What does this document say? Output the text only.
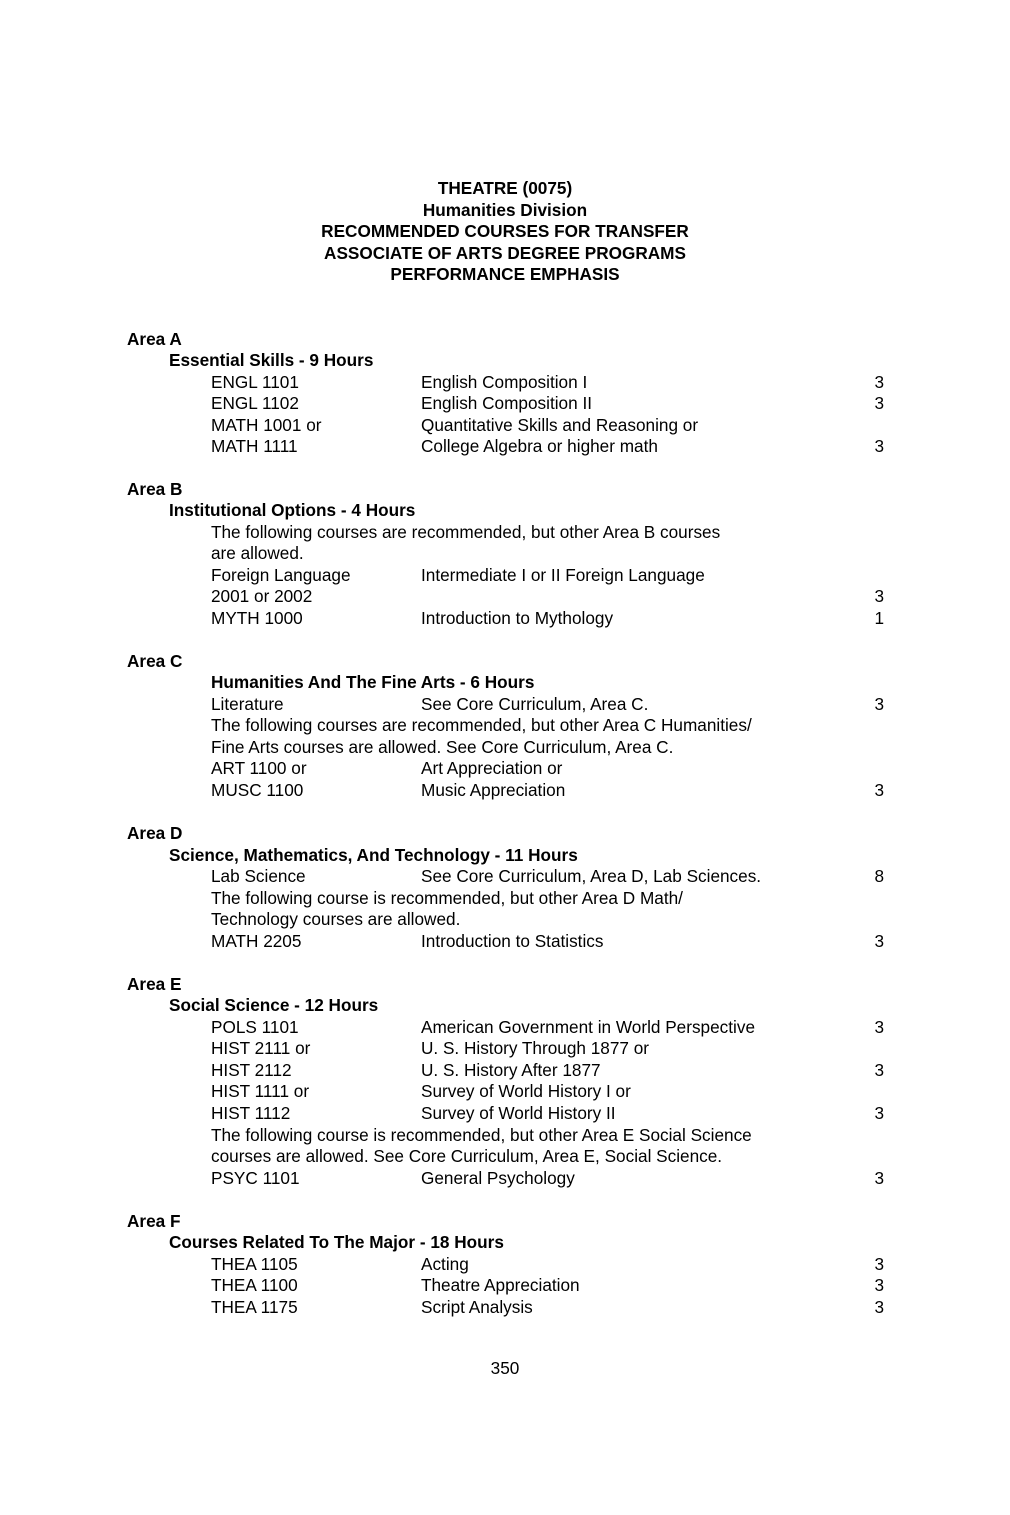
THEATRE (0075)
Humanities Division
RECOMMENDED COURSES FOR TRANSFER
ASSOCIATE OF ARTS DEGREE PROGRAMS
PERFORMANCE EMPHASIS
Area A
Essential Skills - 9 Hours
ENGL 1101	English Composition I	3
ENGL 1102	English Composition II	3
MATH 1001 or	Quantitative Skills and Reasoning or
MATH 1111	College Algebra or higher math	3
Area B
Institutional Options - 4 Hours
The following courses are recommended, but other Area B courses
are allowed.
Foreign Language	Intermediate I or II Foreign Language
2001 or 2002	3
MYTH 1000	Introduction to Mythology	1
Area C
Humanities And The Fine Arts - 6 Hours
Literature	See Core Curriculum, Area C.	3
The following courses are recommended, but other Area C Humanities/
Fine Arts courses are allowed. See Core Curriculum, Area C.
ART 1100 or	Art Appreciation or
MUSC 1100	Music Appreciation	3
Area D
Science, Mathematics, And Technology - 11 Hours
Lab Science	See Core Curriculum, Area D, Lab Sciences.	8
The following course is recommended, but other Area D Math/
Technology courses are allowed.
MATH 2205	Introduction to Statistics	3
Area E
Social Science - 12 Hours
POLS 1101	American Government in World Perspective	3
HIST 2111 or	U. S. History Through 1877 or
HIST 2112	U. S. History After 1877	3
HIST 1111 or	Survey of World History I or
HIST 1112	Survey of World History II	3
The following course is recommended, but other Area E Social Science
courses are allowed. See Core Curriculum, Area E, Social Science.
PSYC 1101	General Psychology	3
Area F
Courses Related To The Major - 18 Hours
THEA 1105	Acting	3
THEA 1100	Theatre Appreciation	3
THEA 1175	Script Analysis	3
350
